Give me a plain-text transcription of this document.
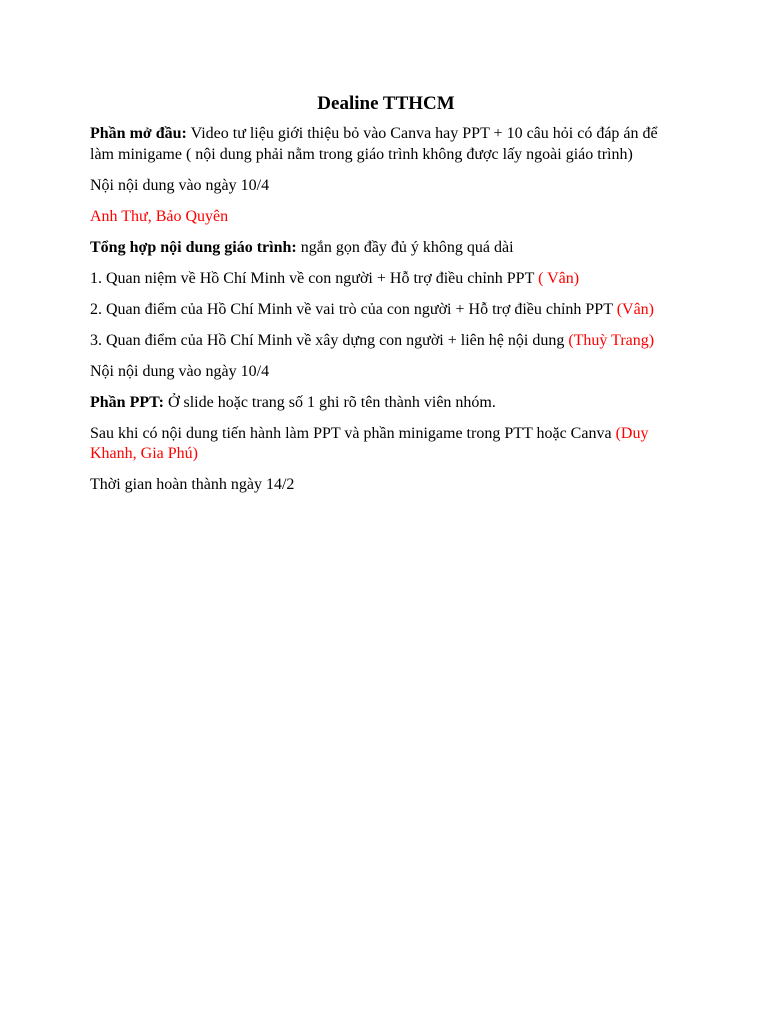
Dealine TTHCM

Phần mở đầu: Video tư liệu giới thiệu bỏ vào Canva hay PPT + 10 câu hỏi có đáp án để làm minigame ( nội dung phải nằm trong giáo trình không được lấy ngoài giáo trình)

Nội nội dung vào ngày 10/4

Anh Thư, Bảo Quyên

Tổng hợp nội dung giáo trình: ngắn gọn đầy đủ ý không quá dài

1. Quan niệm về Hồ Chí Minh về con người + Hỗ trợ điều chỉnh PPT ( Vân)

2. Quan điểm của Hồ Chí Minh về vai trò của con người + Hỗ trợ điều chỉnh PPT (Vân)

3. Quan điểm của Hồ Chí Minh về xây dựng con người + liên hệ nội dung (Thuỳ Trang)

Nội nội dung vào ngày 10/4

Phần PPT: Ở slide hoặc trang số 1 ghi rõ tên thành viên nhóm.

Sau khi có nội dung tiến hành làm PPT và phần minigame trong PTT hoặc Canva (Duy Khanh, Gia Phú)

Thời gian hoàn thành ngày 14/2
